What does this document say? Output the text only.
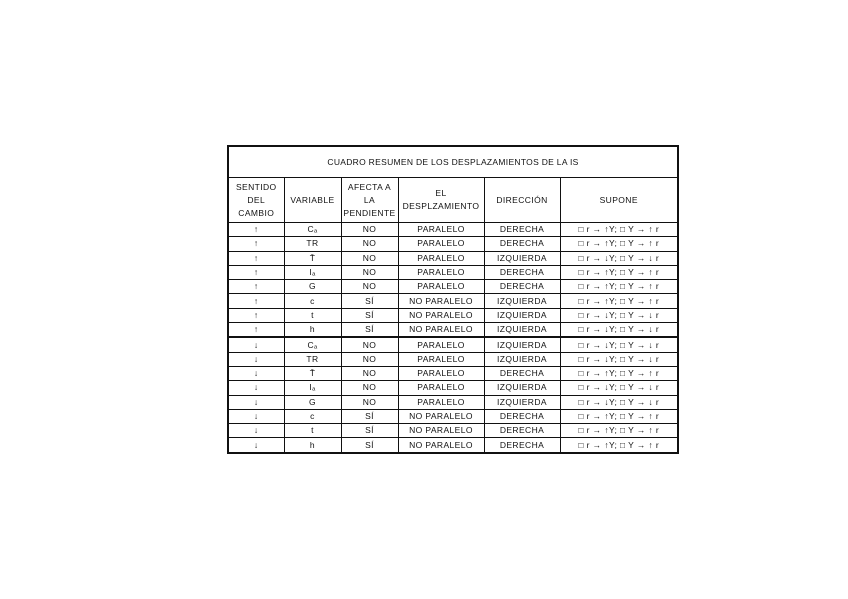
CUADRO RESUMEN DE LOS DESPLAZAMIENTOS DE LA IS					
SENTIDO DEL CAMBIO	VARIABLE	AFECTA A LA PENDIENTE	EL DESPLZAMIENTO	DIRECCIÓN	SUPONE
↑	Cₐ	NO	PARALELO	DERECHA	□ r → ↑Y; □ Y → ↑ r
↑	TR	NO	PARALELO	DERECHA	□ r → ↑Y; □ Y → ↑ r
↑	T̄	NO	PARALELO	IZQUIERDA	□ r → ↓Y; □ Y → ↓ r
↑	Iₐ	NO	PARALELO	DERECHA	□ r → ↑Y; □ Y → ↑ r
↑	G	NO	PARALELO	DERECHA	□ r → ↑Y; □ Y → ↑ r
↑	c	SÍ	NO PARALELO	IZQUIERDA	□ r → ↑Y; □ Y → ↑ r
↑	t	SÍ	NO PARALELO	IZQUIERDA	□ r → ↓Y; □ Y → ↓ r
↑	h	SÍ	NO PARALELO	IZQUIERDA	□ r → ↓Y; □ Y → ↓ r
↓	Cₐ	NO	PARALELO	IZQUIERDA	□ r → ↓Y; □ Y → ↓ r
↓	TR	NO	PARALELO	IZQUIERDA	□ r → ↓Y; □ Y → ↓ r
↓	T̄	NO	PARALELO	DERECHA	□ r → ↑Y; □ Y → ↑ r
↓	Iₐ	NO	PARALELO	IZQUIERDA	□ r → ↓Y; □ Y → ↓ r
↓	G	NO	PARALELO	IZQUIERDA	□ r → ↓Y; □ Y → ↓ r
↓	c	SÍ	NO PARALELO	DERECHA	□ r → ↑Y; □ Y → ↑ r
↓	t	SÍ	NO PARALELO	DERECHA	□ r → ↑Y; □ Y → ↑ r
↓	h	SÍ	NO PARALELO	DERECHA	□ r → ↑Y; □ Y → ↑ r
